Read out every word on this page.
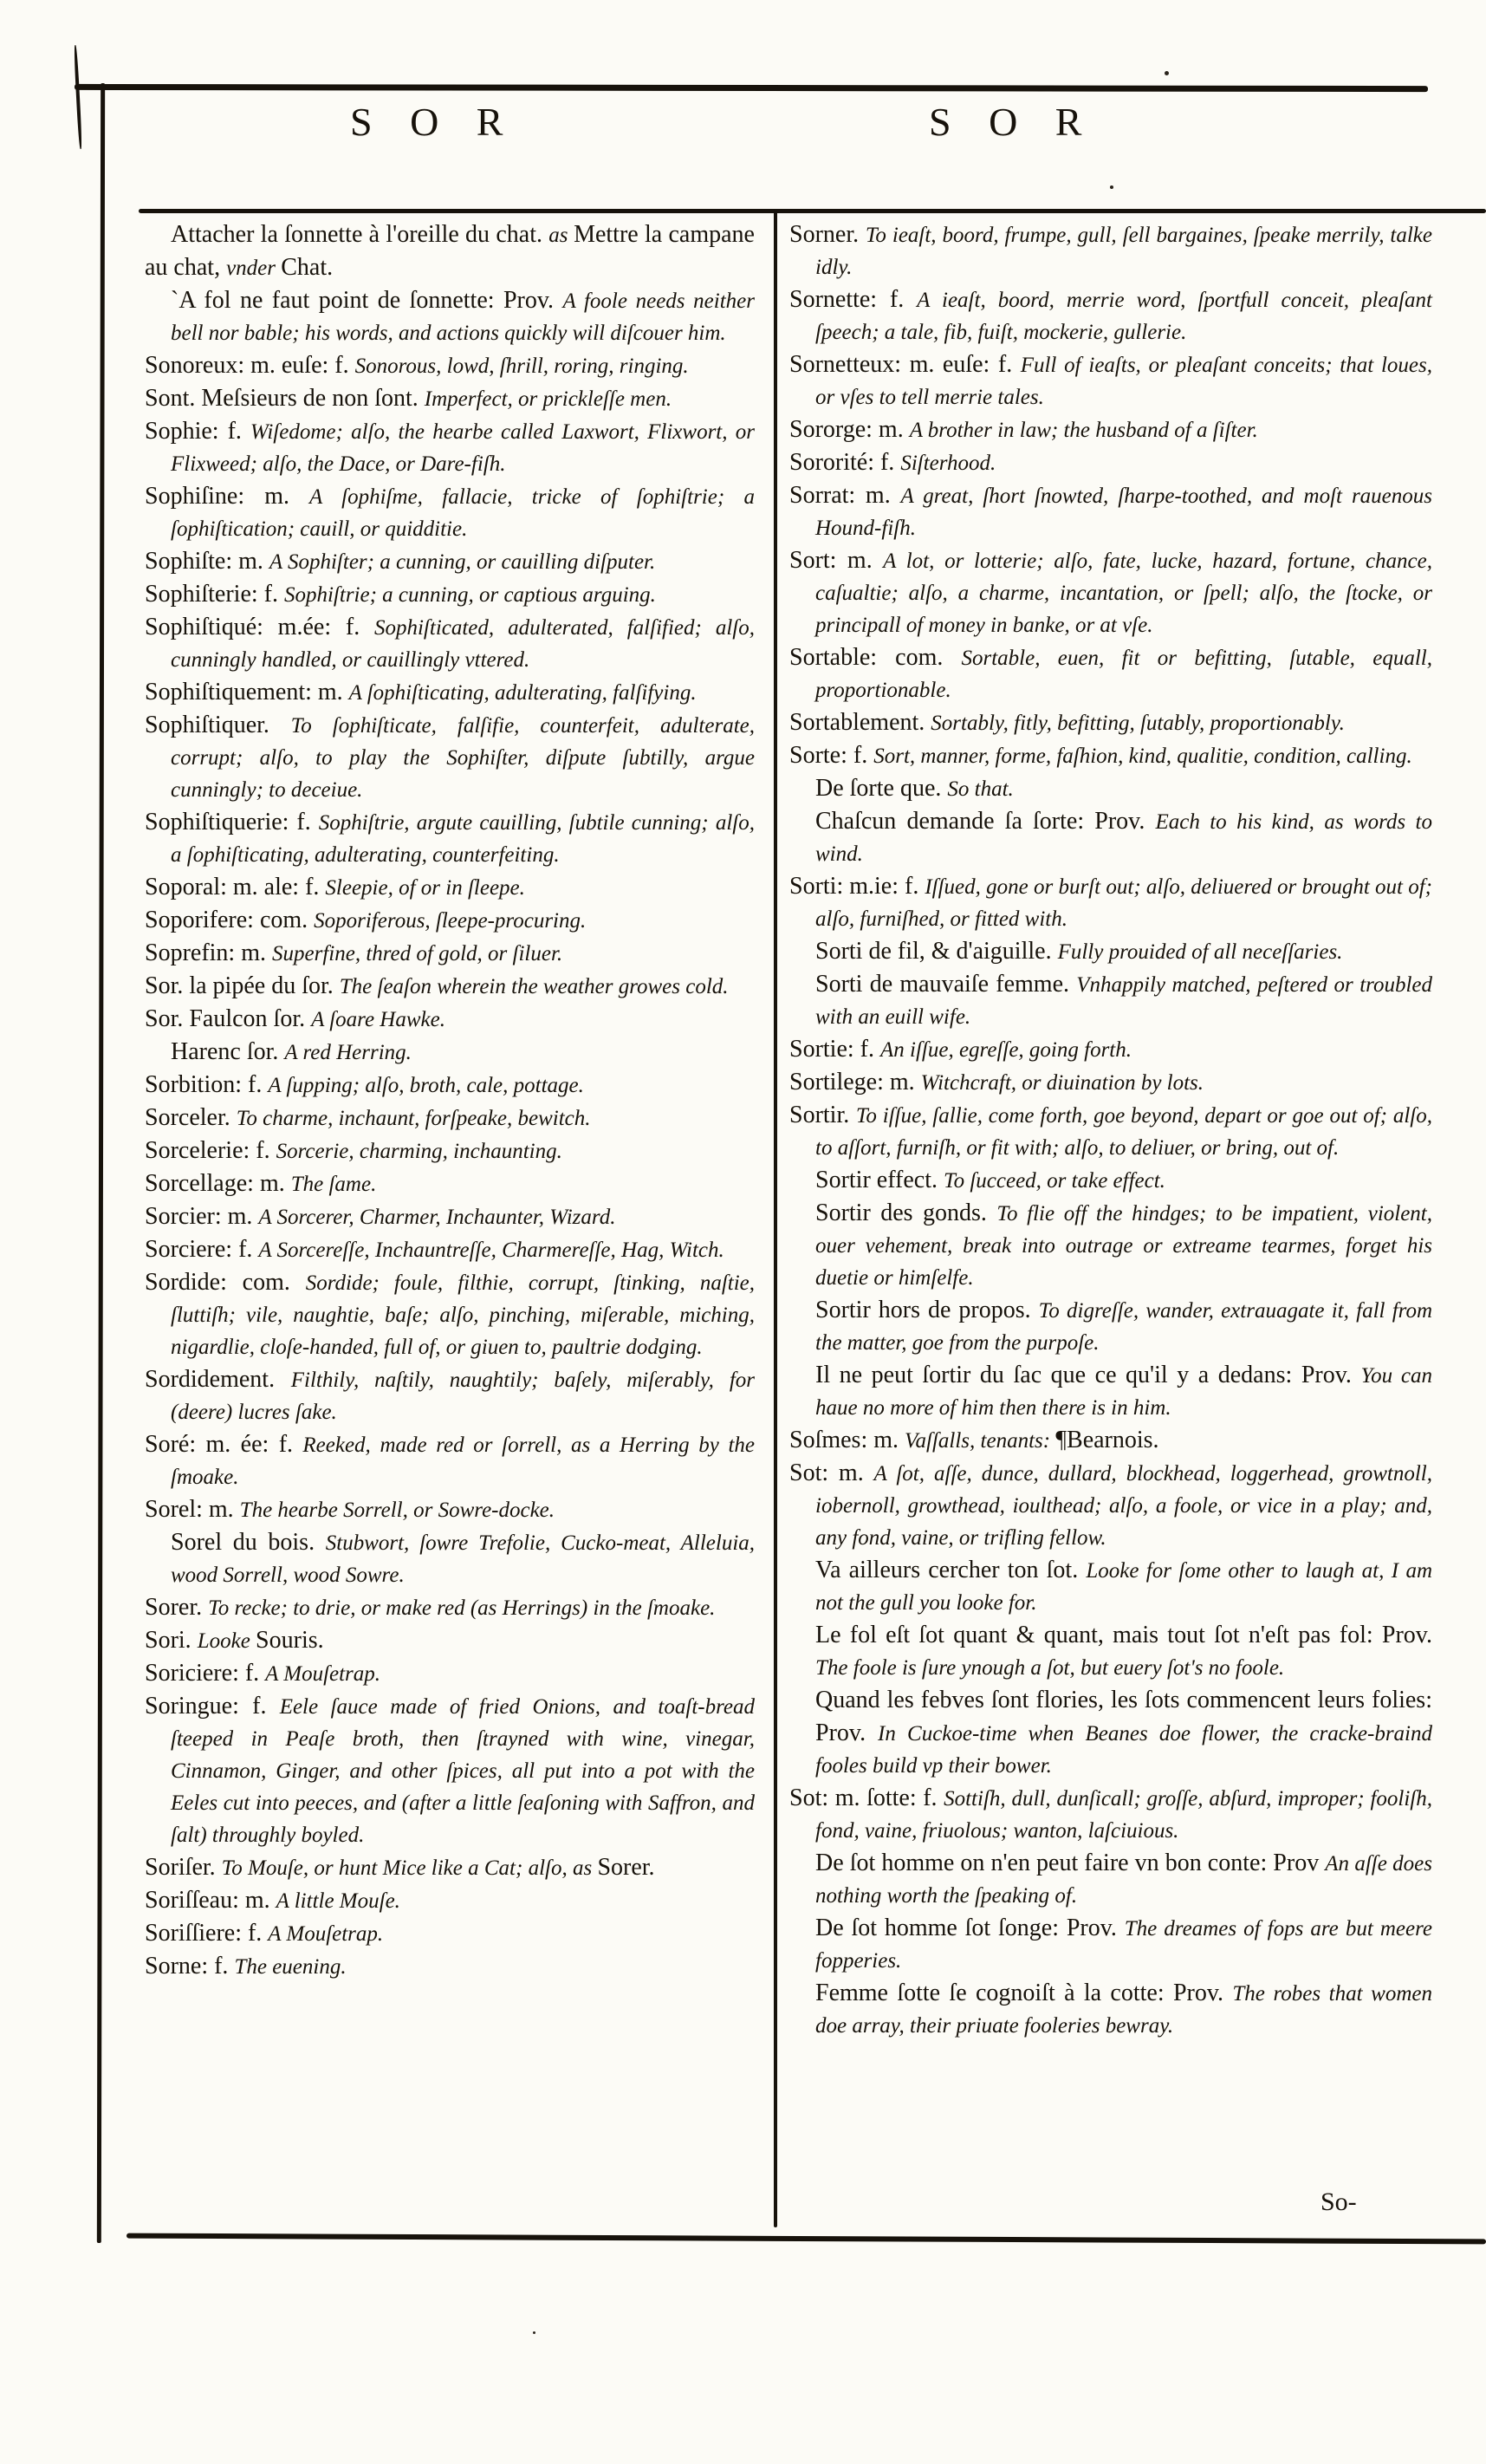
S O R	S O R

Attacher la ſonnette à l'oreille du chat. as Mettre la campane au chat, vnder Chat.

`A fol ne faut point de ſonnette: Prov. A foole needs neither bell nor bable; his words, and actions quickly will diſcouer him.

Sonoreux: m. euſe: f. Sonorous, lowd, ſhrill, roring, ringing.

Sont. Meſsieurs de non ſont. Imperfect, or prickleſſe men.

Sophie: f. Wiſedome; alſo, the hearbe called Laxwort, Flixwort, or Flixweed; alſo, the Dace, or Dare-fiſh.

Sophiſine: m. A ſophiſme, fallacie, tricke of ſophiſtrie; a ſophiſtication; cauill, or quidditie.

Sophiſte: m. A Sophiſter; a cunning, or cauilling diſputer.

Sophiſterie: f. Sophiſtrie; a cunning, or captious arguing.

Sophiſtiqué: m.ée: f. Sophiſticated, adulterated, falſified; alſo, cunningly handled, or cauillingly vttered.

Sophiſtiquement: m. A ſophiſticating, adulterating, falſifying.

Sophiſtiquer. To ſophiſticate, falſifie, counterfeit, adulterate, corrupt; alſo, to play the Sophiſter, diſpute ſubtilly, argue cunningly; to deceiue.

Sophiſtiquerie: f. Sophiſtrie, argute cauilling, ſubtile cunning; alſo, a ſophiſticating, adulterating, counterfeiting.

Soporal: m. ale: f. Sleepie, of or in ſleepe.

Soporifere: com. Soporiferous, ſleepe-procuring.

Soprefin: m. Superfine, thred of gold, or ſiluer.

Sor. la pipée du ſor. The ſeaſon wherein the weather growes cold.

Sor. Faulcon ſor. A ſoare Hawke.

Harenc ſor. A red Herring.

Sorbition: f. A ſupping; alſo, broth, cale, pottage.

Sorceler. To charme, inchaunt, forſpeake, bewitch.

Sorcelerie: f. Sorcerie, charming, inchaunting.

Sorcellage: m. The ſame.

Sorcier: m. A Sorcerer, Charmer, Inchaunter, Wizard.

Sorciere: f. A Sorcereſſe, Inchauntreſſe, Charmereſſe, Hag, Witch.

Sordide: com. Sordide; foule, filthie, corrupt, ſtinking, naſtie, ſluttiſh; vile, naughtie, baſe; alſo, pinching, miſerable, miching, nigardlie, cloſe-handed, full of, or giuen to, paultrie dodging.

Sordidement. Filthily, naſtily, naughtily; baſely, miſerably, for (deere) lucres ſake.

Soré: m. ée: f. Reeked, made red or ſorrell, as a Herring by the ſmoake.

Sorel: m. The hearbe Sorrell, or Sowre-docke.

Sorel du bois. Stubwort, ſowre Trefolie, Cucko-meat, Alleluia, wood Sorrell, wood Sowre.

Sorer. To recke; to drie, or make red (as Herrings) in the ſmoake.

Sori. Looke Souris.

Soriciere: f. A Mouſetrap.

Soringue: f. Eele ſauce made of fried Onions, and toaſt-bread ſteeped in Peaſe broth, then ſtrayned with wine, vinegar, Cinnamon, Ginger, and other ſpices, all put into a pot with the Eeles cut into peeces, and (after a little ſeaſoning with Saffron, and ſalt) throughly boyled.

Soriſer. To Mouſe, or hunt Mice like a Cat; alſo, as Sorer.

Soriſſeau: m. A little Mouſe.

Soriſſiere: f. A Mouſetrap.

Sorne: f. The euening.

Sorner. To ieaſt, boord, frumpe, gull, ſell bargaines, ſpeake merrily, talke idly.

Sornette: f. A ieaſt, boord, merrie word, ſportfull conceit, pleaſant ſpeech; a tale, fib, fuiſt, mockerie, gullerie.

Sornetteux: m. euſe: f. Full of ieaſts, or pleaſant conceits; that loues, or vſes to tell merrie tales.

Sororge: m. A brother in law; the husband of a ſiſter.

Sororité: f. Siſterhood.

Sorrat: m. A great, ſhort ſnowted, ſharpe-toothed, and moſt rauenous Hound-fiſh.

Sort: m. A lot, or lotterie; alſo, fate, lucke, hazard, fortune, chance, caſualtie; alſo, a charme, incantation, or ſpell; alſo, the ſtocke, or principall of money in banke, or at vſe.

Sortable: com. Sortable, euen, fit or befitting, ſutable, equall, proportionable.

Sortablement. Sortably, fitly, befitting, ſutably, proportionably.

Sorte: f. Sort, manner, forme, faſhion, kind, qualitie, condition, calling.

De ſorte que. So that.

Chaſcun demande ſa ſorte: Prov. Each to his kind, as words to wind.

Sorti: m.ie: f. Iſſued, gone or burſt out; alſo, deliuered or brought out of; alſo, furniſhed, or fitted with.

Sorti de fil, & d'aiguille. Fully prouided of all neceſſaries.

Sorti de mauvaiſe femme. Vnhappily matched, peſtered or troubled with an euill wife.

Sortie: f. An iſſue, egreſſe, going forth.

Sortilege: m. Witchcraft, or diuination by lots.

Sortir. To iſſue, ſallie, come forth, goe beyond, depart or goe out of; alſo, to aſſort, furniſh, or fit with; alſo, to deliuer, or bring, out of.

Sortir effect. To ſucceed, or take effect.

Sortir des gonds. To flie off the hindges; to be impatient, violent, ouer vehement, break into outrage or extreame tearmes, forget his duetie or himſelfe.

Sortir hors de propos. To digreſſe, wander, extrauagate it, fall from the matter, goe from the purpoſe.

Il ne peut ſortir du ſac que ce qu'il y a dedans: Prov. You can haue no more of him then there is in him.

Soſmes: m. Vaſſalls, tenants: ¶Bearnois.

Sot: m. A ſot, aſſe, dunce, dullard, blockhead, loggerhead, growtnoll, iobernoll, growthead, ioulthead; alſo, a foole, or vice in a play; and, any fond, vaine, or trifling fellow.

Va ailleurs cercher ton ſot. Looke for ſome other to laugh at, I am not the gull you looke for.

Le fol eſt ſot quant & quant, mais tout ſot n'eſt pas fol: Prov. The foole is ſure ynough a ſot, but euery ſot's no foole.

Quand les febves ſont flories, les ſots commencent leurs folies: Prov. In Cuckoe-time when Beanes doe flower, the cracke-braind fooles build vp their bower.

Sot: m. ſotte: f. Sottiſh, dull, dunſicall; groſſe, abſurd, improper; fooliſh, fond, vaine, friuolous; wanton, laſciuious.

De ſot homme on n'en peut faire vn bon conte: Prov An aſſe does nothing worth the ſpeaking of.

De ſot homme ſot ſonge: Prov. The dreames of fops are but meere fopperies.

Femme ſotte ſe cognoiſt à la cotte: Prov. The robes that women doe array, their priuate fooleries bewray.

So-
